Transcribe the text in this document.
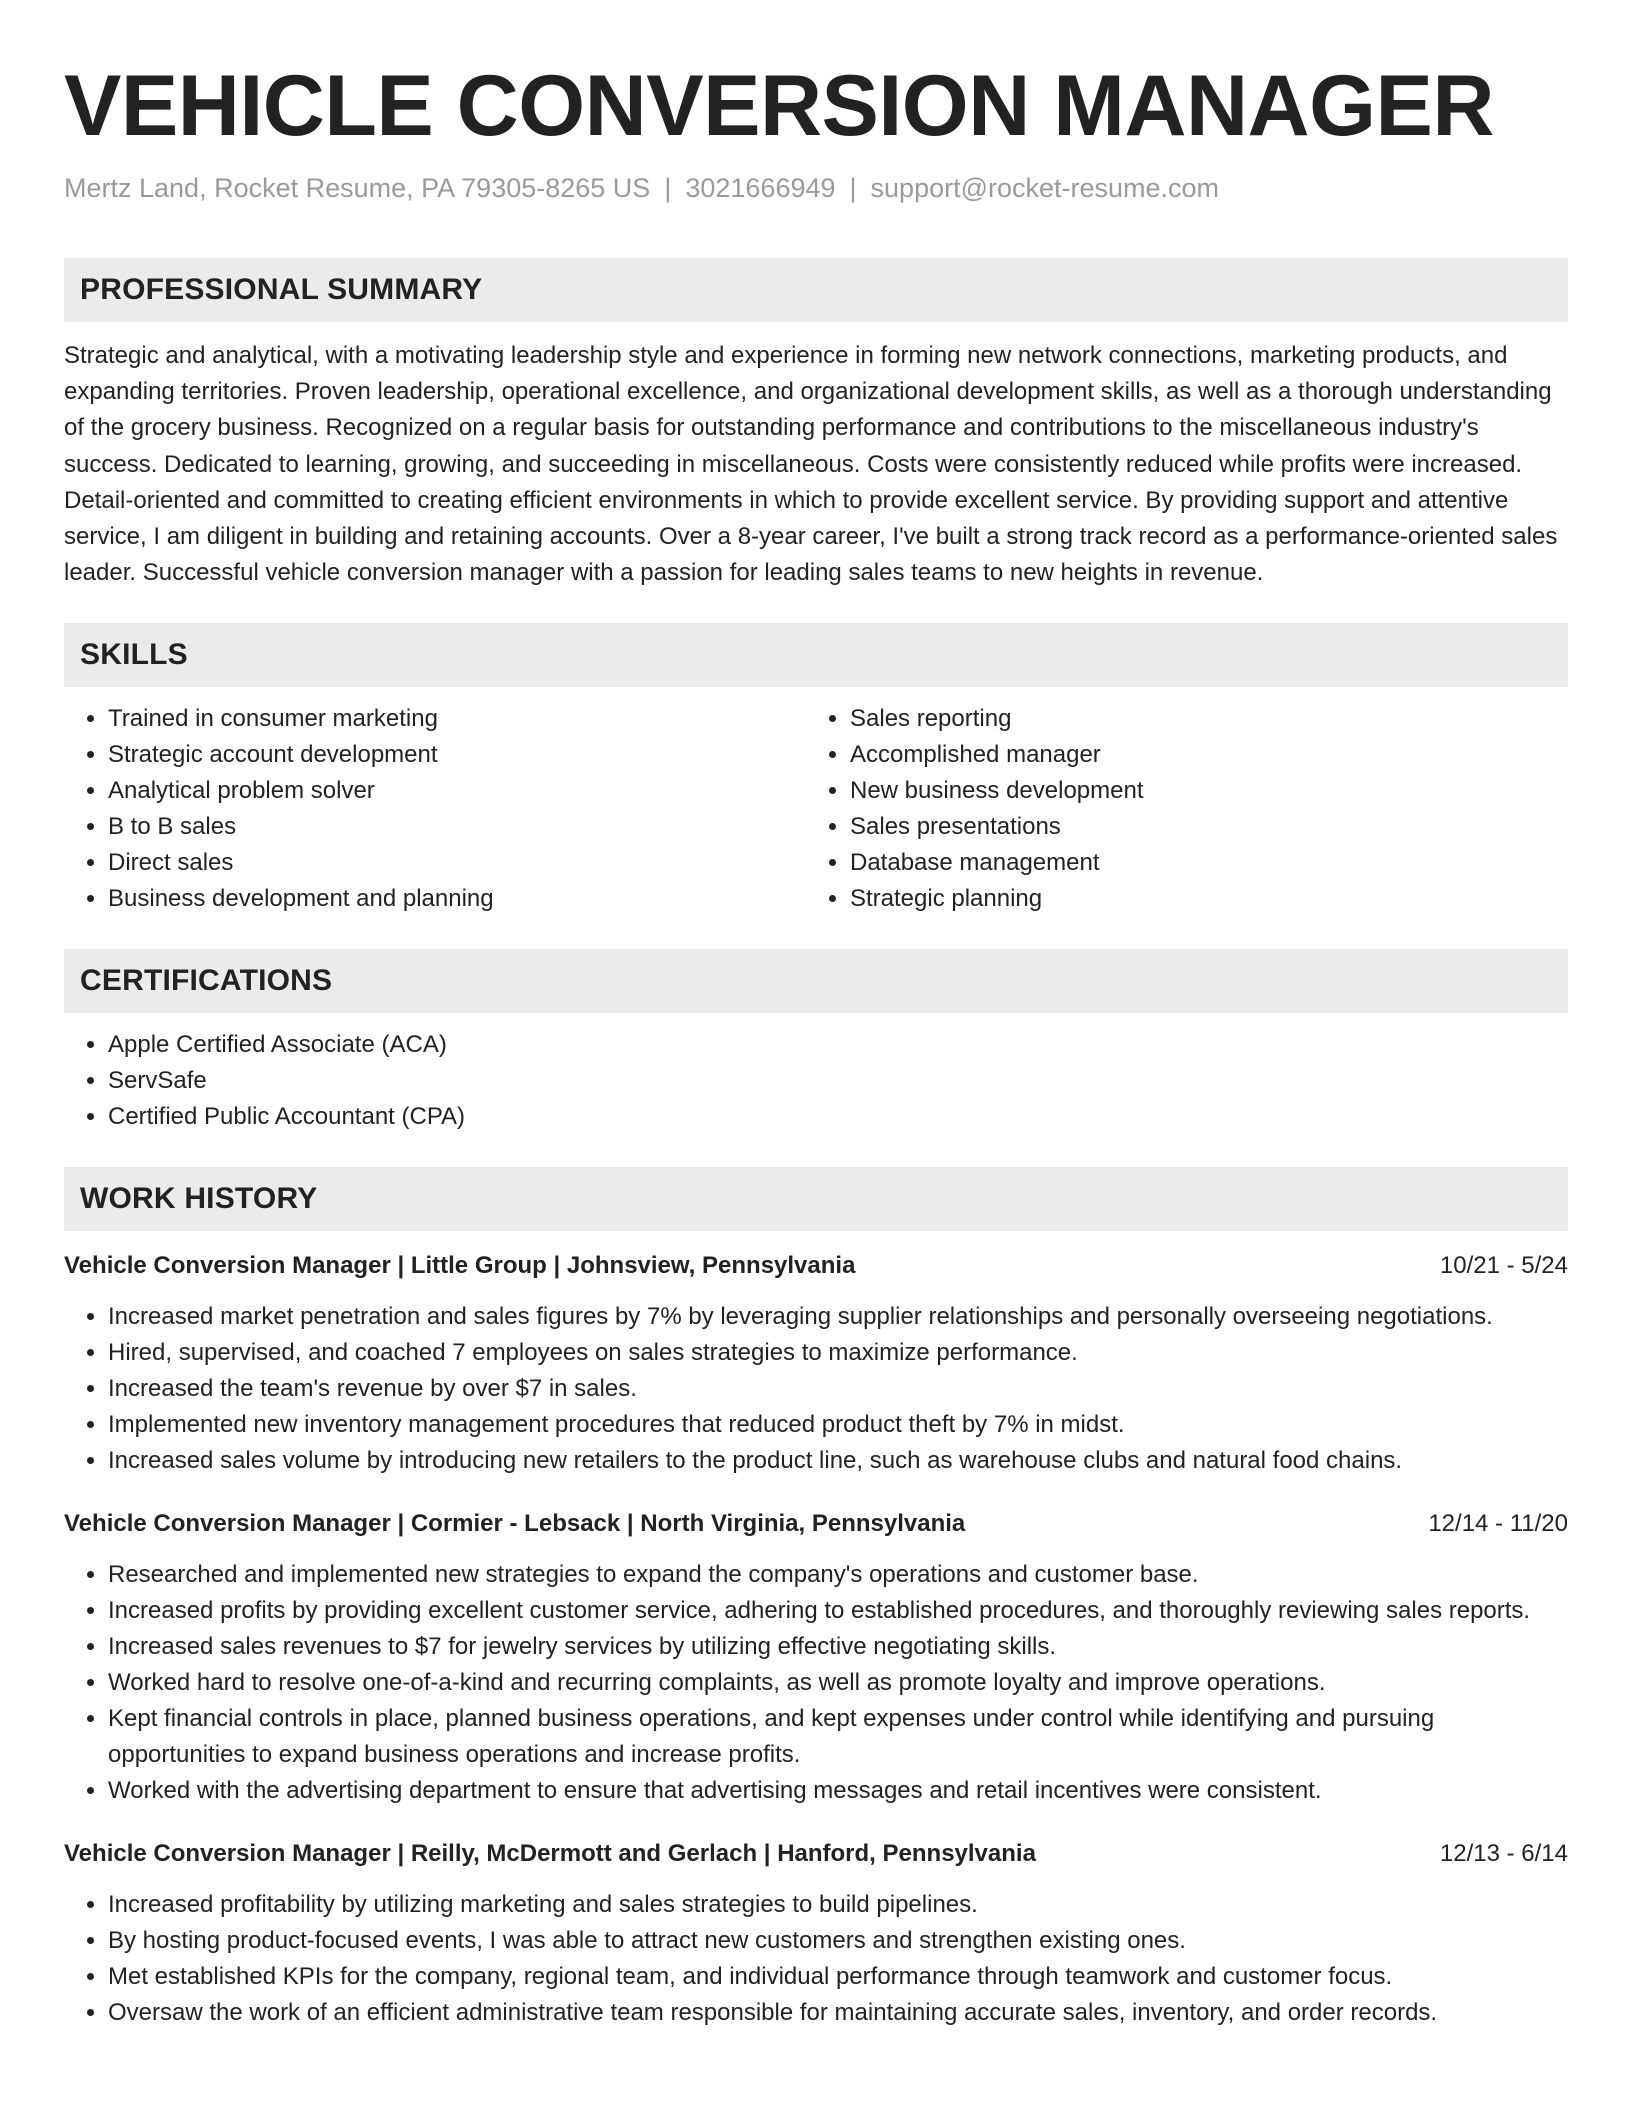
VEHICLE CONVERSION MANAGER
Mertz Land, Rocket Resume, PA 79305-8265 US | 3021666949 | support@rocket-resume.com
PROFESSIONAL SUMMARY

Strategic and analytical, with a motivating leadership style and experience in forming new network connections, marketing products, and expanding territories. Proven leadership, operational excellence, and organizational development skills, as well as a thorough understanding of the grocery business. Recognized on a regular basis for outstanding performance and contributions to the miscellaneous industry's success. Dedicated to learning, growing, and succeeding in miscellaneous. Costs were consistently reduced while profits were increased. Detail-oriented and committed to creating efficient environments in which to provide excellent service. By providing support and attentive service, I am diligent in building and retaining accounts. Over a 8-year career, I've built a strong track record as a performance-oriented sales leader. Successful vehicle conversion manager with a passion for leading sales teams to new heights in revenue.

SKILLS
• Trained in consumer marketing
• Strategic account development
• Analytical problem solver
• B to B sales
• Direct sales
• Business development and planning
• Sales reporting
• Accomplished manager
• New business development
• Sales presentations
• Database management
• Strategic planning
CERTIFICATIONS
• Apple Certified Associate (ACA)
• ServSafe
• Certified Public Accountant (CPA)
WORK HISTORY
Vehicle Conversion Manager | Little Group | Johnsview, Pennsylvania	10/21 - 5/24
• Increased market penetration and sales figures by 7% by leveraging supplier relationships and personally overseeing negotiations.
• Hired, supervised, and coached 7 employees on sales strategies to maximize performance.
• Increased the team's revenue by over $7 in sales.
• Implemented new inventory management procedures that reduced product theft by 7% in midst.
• Increased sales volume by introducing new retailers to the product line, such as warehouse clubs and natural food chains.
Vehicle Conversion Manager | Cormier - Lebsack | North Virginia, Pennsylvania	12/14 - 11/20
• Researched and implemented new strategies to expand the company's operations and customer base.
• Increased profits by providing excellent customer service, adhering to established procedures, and thoroughly reviewing sales reports.
• Increased sales revenues to $7 for jewelry services by utilizing effective negotiating skills.
• Worked hard to resolve one-of-a-kind and recurring complaints, as well as promote loyalty and improve operations.
• Kept financial controls in place, planned business operations, and kept expenses under control while identifying and pursuing opportunities to expand business operations and increase profits.
• Worked with the advertising department to ensure that advertising messages and retail incentives were consistent.
Vehicle Conversion Manager | Reilly, McDermott and Gerlach | Hanford, Pennsylvania	12/13 - 6/14
• Increased profitability by utilizing marketing and sales strategies to build pipelines.
• By hosting product-focused events, I was able to attract new customers and strengthen existing ones.
• Met established KPIs for the company, regional team, and individual performance through teamwork and customer focus.
• Oversaw the work of an efficient administrative team responsible for maintaining accurate sales, inventory, and order records.
